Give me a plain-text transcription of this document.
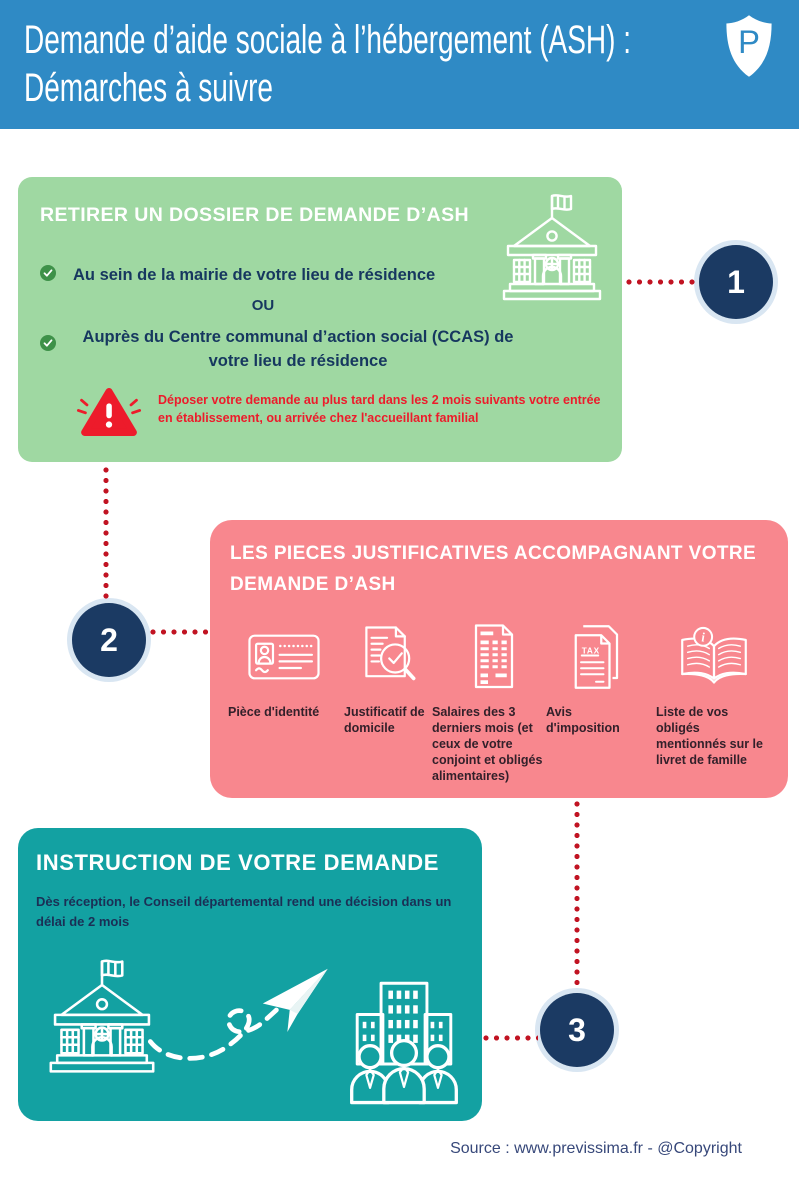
Demande d’aide sociale à l’hébergement (ASH) :
Démarches à suivre
P
RETIRER UN DOSSIER DE DEMANDE D’ASH
Au sein de la mairie de votre lieu de résidence
OU
Auprès du Centre communal d’action social (CCAS) de votre lieu de résidence
Déposer votre demande au plus tard dans les 2 mois suivants votre entrée en établissement, ou arrivée chez l'accueillant familial
LES PIECES JUSTIFICATIVES ACCOMPAGNANT VOTRE
DEMANDE D’ASH
Pièce d'identité	Justificatif de domicile
Salaires des 3 derniers mois (et ceux de votre conjoint et obligés alimentaires)
TAX
Avis d'imposition
i
Liste de vos obligés mentionnés sur le livret de famille
INSTRUCTION DE VOTRE DEMANDE
Dès réception, le Conseil départemental rend une décision dans un délai de 2 mois
1
2
3
Source : www.previssima.fr - @Copyright
